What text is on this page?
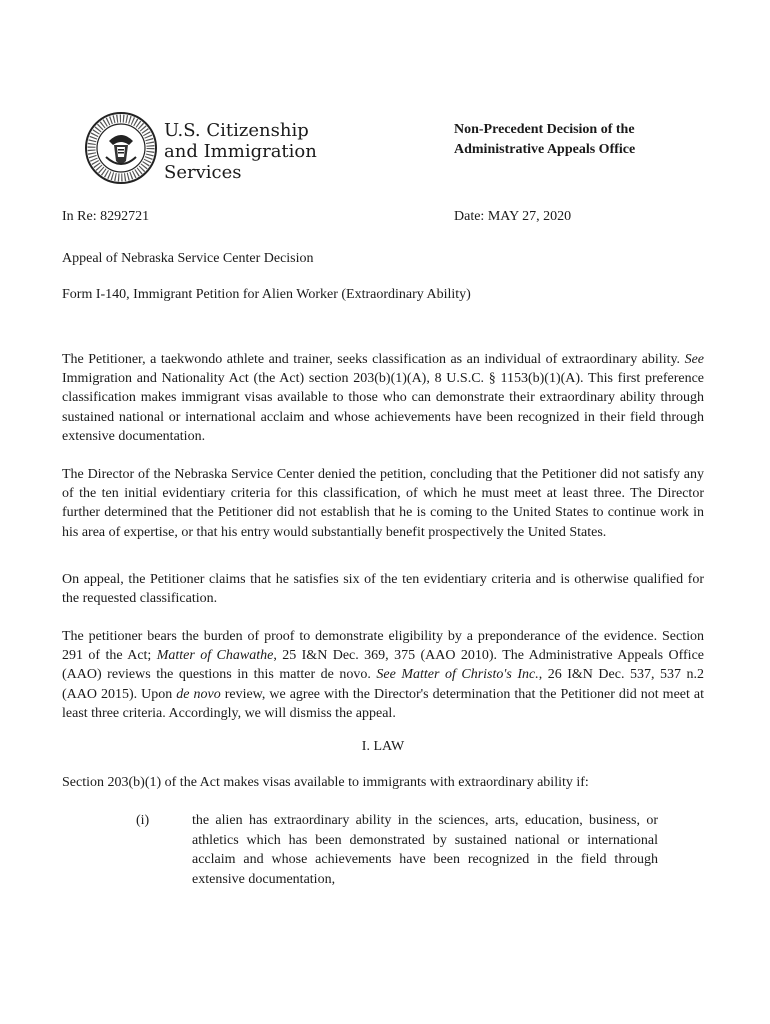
U.S. Citizenship
and Immigration
Services
Non-Precedent Decision of the
Administrative Appeals Office
In Re: 8292721	Date: MAY 27, 2020
Appeal of Nebraska Service Center Decision
Form I-140, Immigrant Petition for Alien Worker (Extraordinary Ability)

The Petitioner, a taekwondo athlete and trainer, seeks classification as an individual of extraordinary ability. See Immigration and Nationality Act (the Act) section 203(b)(1)(A), 8 U.S.C. § 1153(b)(1)(A). This first preference classification makes immigrant visas available to those who can demonstrate their extraordinary ability through sustained national or international acclaim and whose achievements have been recognized in their field through extensive documentation.

The Director of the Nebraska Service Center denied the petition, concluding that the Petitioner did not satisfy any of the ten initial evidentiary criteria for this classification, of which he must meet at least three. The Director further determined that the Petitioner did not establish that he is coming to the United States to continue work in his area of expertise, or that his entry would substantially benefit prospectively the United States.

On appeal, the Petitioner claims that he satisfies six of the ten evidentiary criteria and is otherwise qualified for the requested classification.

The petitioner bears the burden of proof to demonstrate eligibility by a preponderance of the evidence. Section 291 of the Act; Matter of Chawathe, 25 I&N Dec. 369, 375 (AAO 2010). The Administrative Appeals Office (AAO) reviews the questions in this matter de novo. See Matter of Christo's Inc., 26 I&N Dec. 537, 537 n.2 (AAO 2015). Upon de novo review, we agree with the Director's determination that the Petitioner did not meet at least three criteria. Accordingly, we will dismiss the appeal.

I. LAW

Section 203(b)(1) of the Act makes visas available to immigrants with extraordinary ability if:

(i)	the alien has extraordinary ability in the sciences, arts, education, business, or athletics which has been demonstrated by sustained national or international acclaim and whose achievements have been recognized in the field through extensive documentation,
